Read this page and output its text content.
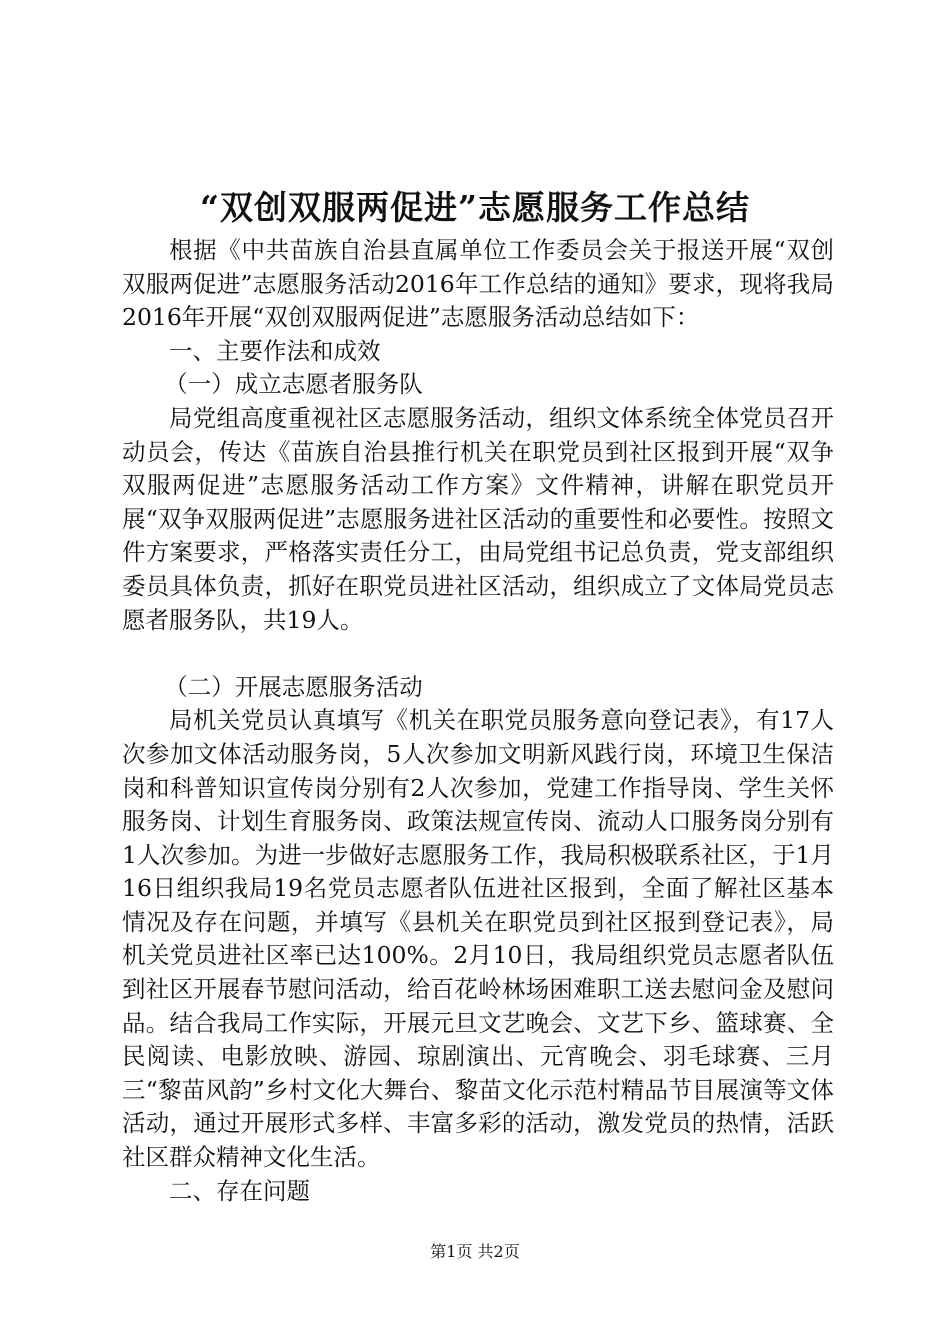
“双创双服两促进”志愿服务工作总结

根据《中共苗族自治县直属单位工作委员会关于报送开展“双创双服两促进”志愿服务活动2016年工作总结的通知》要求，现将我局2016年开展“双创双服两促进”志愿服务活动总结如下：

一、主要作法和成效

（一）成立志愿者服务队

局党组高度重视社区志愿服务活动，组织文体系统全体党员召开动员会，传达《苗族自治县推行机关在职党员到社区报到开展“双争双服两促进”志愿服务活动工作方案》文件精神，讲解在职党员开展“双争双服两促进”志愿服务进社区活动的重要性和必要性。按照文件方案要求，严格落实责任分工，由局党组书记总负责，党支部组织委员具体负责，抓好在职党员进社区活动，组织成立了文体局党员志愿者服务队，共19人。

（二）开展志愿服务活动

局机关党员认真填写《机关在职党员服务意向登记表》，有17人次参加文体活动服务岗，5人次参加文明新风践行岗，环境卫生保洁岗和科普知识宣传岗分别有2人次参加，党建工作指导岗、学生关怀服务岗、计划生育服务岗、政策法规宣传岗、流动人口服务岗分别有1人次参加。为进一步做好志愿服务工作，我局积极联系社区，于1月16日组织我局19名党员志愿者队伍进社区报到，全面了解社区基本情况及存在问题，并填写《县机关在职党员到社区报到登记表》，局机关党员进社区率已达100%。2月10日，我局组织党员志愿者队伍到社区开展春节慰问活动，给百花岭林场困难职工送去慰问金及慰问品。结合我局工作实际，开展元旦文艺晚会、文艺下乡、篮球赛、全民阅读、电影放映、游园、琼剧演出、元宵晚会、羽毛球赛、三月三“黎苗风韵”乡村文化大舞台、黎苗文化示范村精品节目展演等文体活动，通过开展形式多样、丰富多彩的活动，激发党员的热情，活跃社区群众精神文化生活。

二、存在问题

第1页 共2页
